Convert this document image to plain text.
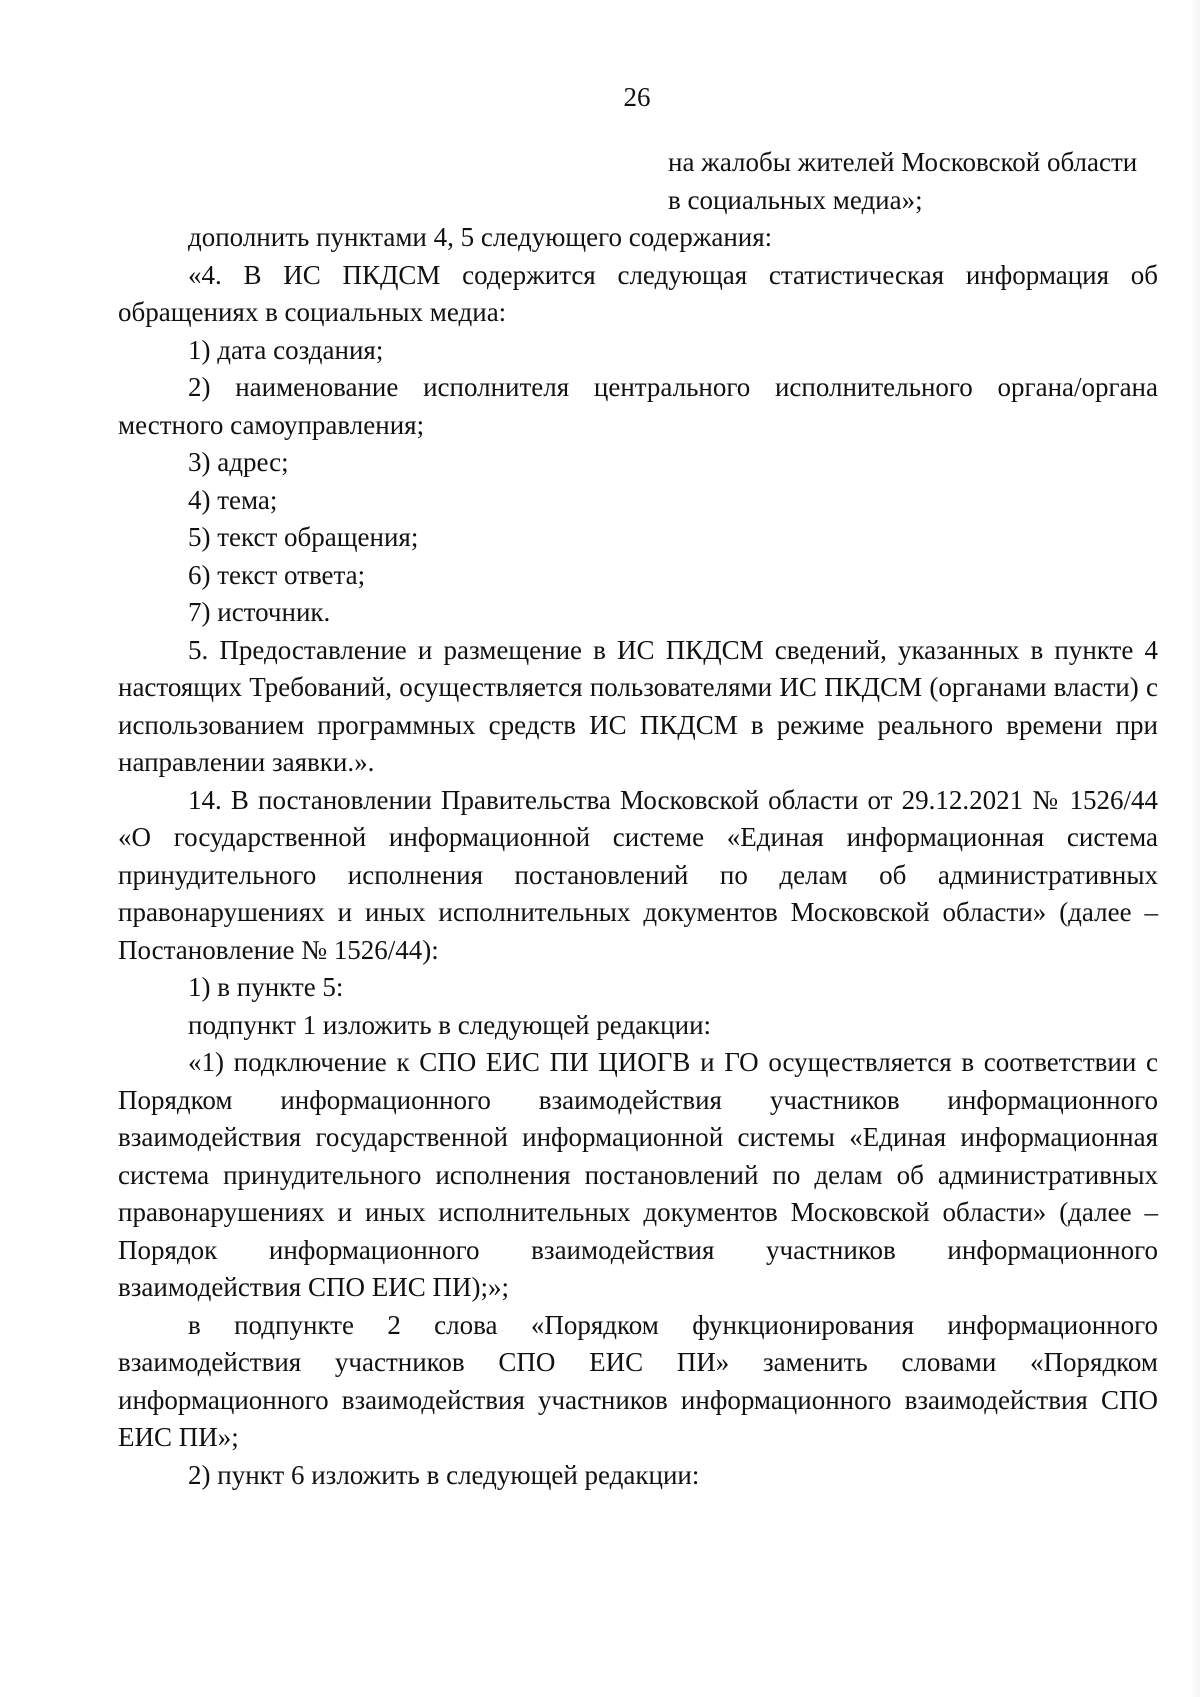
26
на жалобы жителей Московской области
в социальных медиа»;

дополнить пунктами 4, 5 следующего содержания:

«4. В ИС ПКДСМ содержится следующая статистическая информация об обращениях в социальных медиа:

1) дата создания;

2) наименование исполнителя центрального исполнительного органа/органа местного самоуправления;

3) адрес;

4) тема;

5) текст обращения;

6) текст ответа;

7) источник.

5. Предоставление и размещение в ИС ПКДСМ сведений, указанных в пункте 4 настоящих Требований, осуществляется пользователями ИС ПКДСМ (органами власти) с использованием программных средств ИС ПКДСМ в режиме реального времени при направлении заявки.».

14. В постановлении Правительства Московской области от 29.12.2021 № 1526/44 «О государственной информационной системе «Единая информационная система принудительного исполнения постановлений по делам об административных правонарушениях и иных исполнительных документов Московской области» (далее – Постановление № 1526/44):

1) в пункте 5:

подпункт 1 изложить в следующей редакции:

«1) подключение к СПО ЕИС ПИ ЦИОГВ и ГО осуществляется в соответствии с Порядком информационного взаимодействия участников информационного взаимодействия государственной информационной системы «Единая информационная система принудительного исполнения постановлений по делам об административных правонарушениях и иных исполнительных документов Московской области» (далее – Порядок информационного взаимодействия участников информационного взаимодействия СПО ЕИС ПИ);»;

в подпункте 2 слова «Порядком функционирования информационного взаимодействия участников СПО ЕИС ПИ» заменить словами «Порядком информационного взаимодействия участников информационного взаимодействия СПО ЕИС ПИ»;

2) пункт 6 изложить в следующей редакции:
